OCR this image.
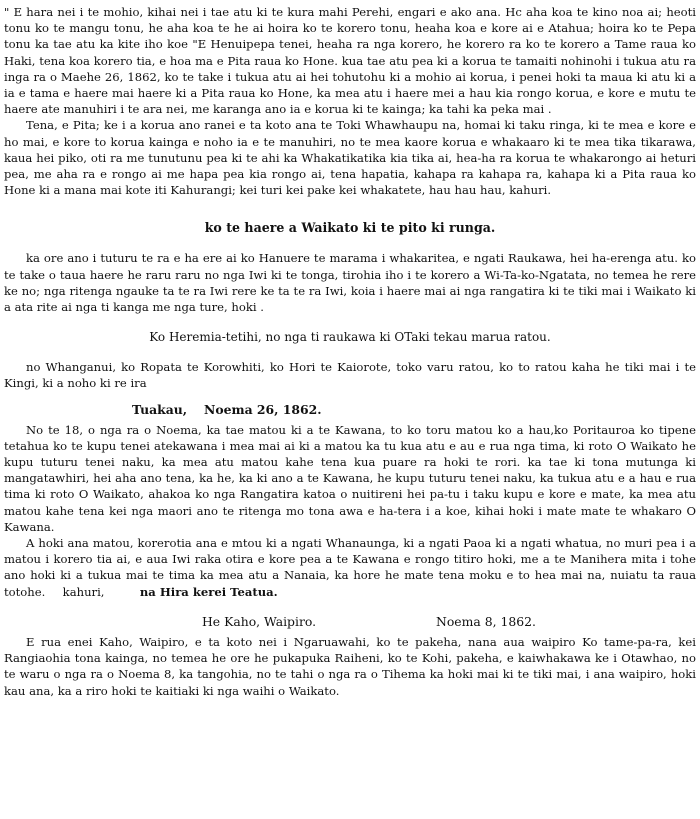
" E hara nei i te mohio, kihai nei i tae atu ki te kura mahi Perehi, engari e ako ana. Hc aha koa te kino noa ai; heoti tonu ko te mangu tonu, he aha koa te he ai hoira ko te korero tonu, heaha koa e kore ai e Atahua; hoira ko te Pepa tonu ka tae atu ka kite iho koe "E Henuipepa tenei, heaha ra nga korero, he korero ra ko te korero a Tame raua ko Haki, tena koa korero tia, e hoa ma e Pita raua ko Hone. kua tae atu pea ki a korua te tamaiti nohinohi i tukua atu ra inga ra o Maehe 26, 1862, ko te take i tukua atu ai hei tohutohu ki a mohio ai korua, i penei hoki ta maua ki atu ki a ia e tama e haere mai haere ki a Pita raua ko Hone, ka mea atu i haere mei a hau kia rongo korua, e kore e mutu te haere ate manuhiri i te ara nei, me karanga ano ia e korua ki te kainga; ka tahi ka peka mai .

Tena, e Pita; ke i a korua ano ranei e ta koto ana te Toki Whawhaupu na, homai ki taku ringa, ki te mea e kore e ho mai, e kore to korua kainga e noho ia e te manuhiri, no te mea kaore korua e whakaaro ki te mea tika tikarawa, kaua hei piko, oti ra me tunutunu pea ki te ahi ka Whakatikatika kia tika ai, hea-ha ra korua te whakarongo ai heturi pea, me aha ra e rongo ai me hapa pea kia rongo ai, tena hapatia, kahapa ra kahapa ra, kahapa ki a Pita raua ko Hone ki a mana mai kote iti Kahurangi; kei turi kei pake kei whakatete, hau hau hau, kahuri.

ko te haere a Waikato ki te pito ki runga.

ka ore ano i tuturu te ra e ha ere ai ko Hanuere te marama i whakaritea, e ngati Raukawa, hei ha-erenga atu. ko te take o taua haere he raru raru no nga Iwi ki te tonga, tirohia iho i te korero a Wi-Ta-ko-Ngatata, no temea he rere ke no; nga ritenga ngauke ta te ra Iwi rere ke ta te ra Iwi, koia i haere mai ai nga rangatira ki te tiki mai i Waikato ki a ata rite ai nga ti kanga me nga ture, hoki .

Ko Heremia-tetihi, no nga ti raukawa ki OTaki tekau marua ratou.

no Whanganui, ko Ropata te Korowhiti, ko Hori te Kaiorote, toko varu ratou, ko to ratou kaha he tiki mai i te Kingi, ki a noho ki re ira

Tuakau, Noema 26, 1862.

No te 18, o nga ra o Noema, ka tae matou ki a te Kawana, to ko toru matou ko a hau,ko Poritauroa ko tipene tetahua ko te kupu tenei atekawana i mea mai ai ki a matou ka tu kua atu e au e rua nga tima, ki roto O Waikato he kupu tuturu tenei naku, ka mea atu matou kahe tena kua puare ra hoki te rori. ka tae ki tona mutunga ki mangatawhiri, hei aha ano tena, ka he, ka ki ano a te Kawana, he kupu tuturu tenei naku, ka tukua atu e a hau e rua tima ki roto O Waikato, ahakoa ko nga Rangatira katoa o nuitireni hei pa-tu i taku kupu e kore e mate, ka mea atu matou kahe tena kei nga maori ano te ritenga mo tona awa e ha-tera i a koe, kihai hoki i mate mate te whakaro O Kawana.

A hoki ana matou, korerotia ana e mtou ki a ngati Whanaunga, ki a ngati Paoa ki a ngati whatua, no muri pea i a matou i korero tia ai, e aua Iwi raka otira e kore pea a te Kawana e rongo titiro hoki, me a te Manihera mita i tohe ano hoki ki a tukua mai te tima ka mea atu a Nanaia, ka hore he mate tena moku e to hea mai na, nuiatu ta raua totohe. kahuri,	na Hira kerei Teatua.

He Kaho, Waipiro.	Noema 8, 1862.

E rua enei Kaho, Waipiro, e ta koto nei i Ngaruawahi, ko te pakeha, nana aua waipiro Ko tame-pa-ra, kei Rangiaohia tona kainga, no temea he ore he pukapuka Raiheni, ko te Kohi, pakeha, e kaiwhakawa ke i Otawhao, no te waru o nga ra o Noema 8, ka tangohia, no te tahi o nga ra o Tihema ka hoki mai ki te tiki mai, i ana waipiro, hoki kau ana, ka a riro hoki te kaitiaki ki nga waihi o Waikato.
